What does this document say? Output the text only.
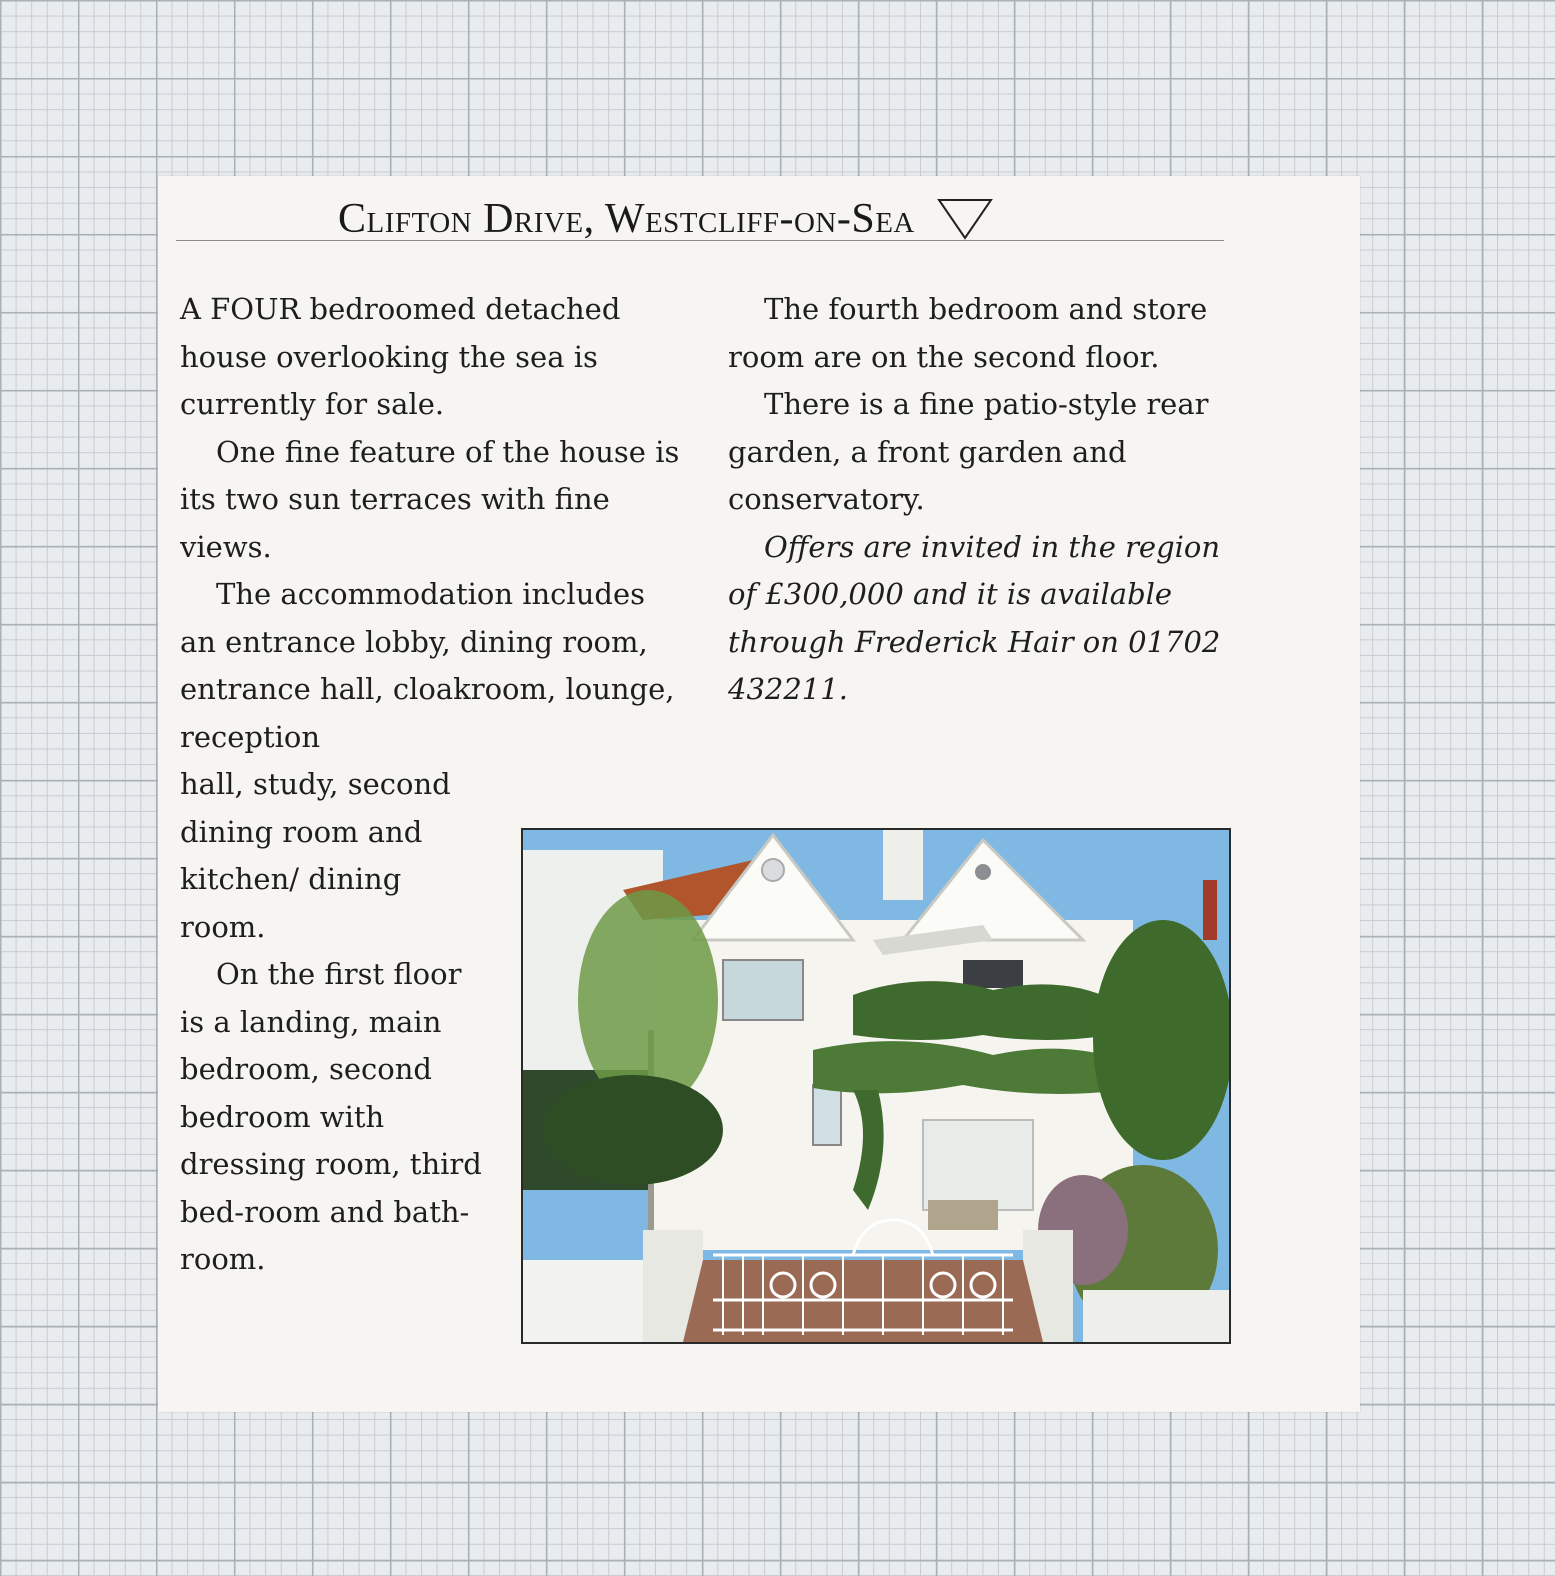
Clifton Drive, Westcliff-on-Sea

A FOUR bedroomed detached house overlooking the sea is currently for sale.

One fine feature of the house is its two sun terraces with fine views.

The accommodation includes an entrance lobby, dining room, entrance hall, cloakroom, lounge, reception

hall, study, second dining room and kitchen/ dining room.

On the first floor is a landing, main bedroom, second bedroom with dressing room, third bed-room and bath-room.

The fourth bedroom and store room are on the second floor.

There is a fine patio-style rear garden, a front garden and conservatory.

Offers are invited in the region of £300,000 and it is available through Frederick Hair on 01702 432211.
